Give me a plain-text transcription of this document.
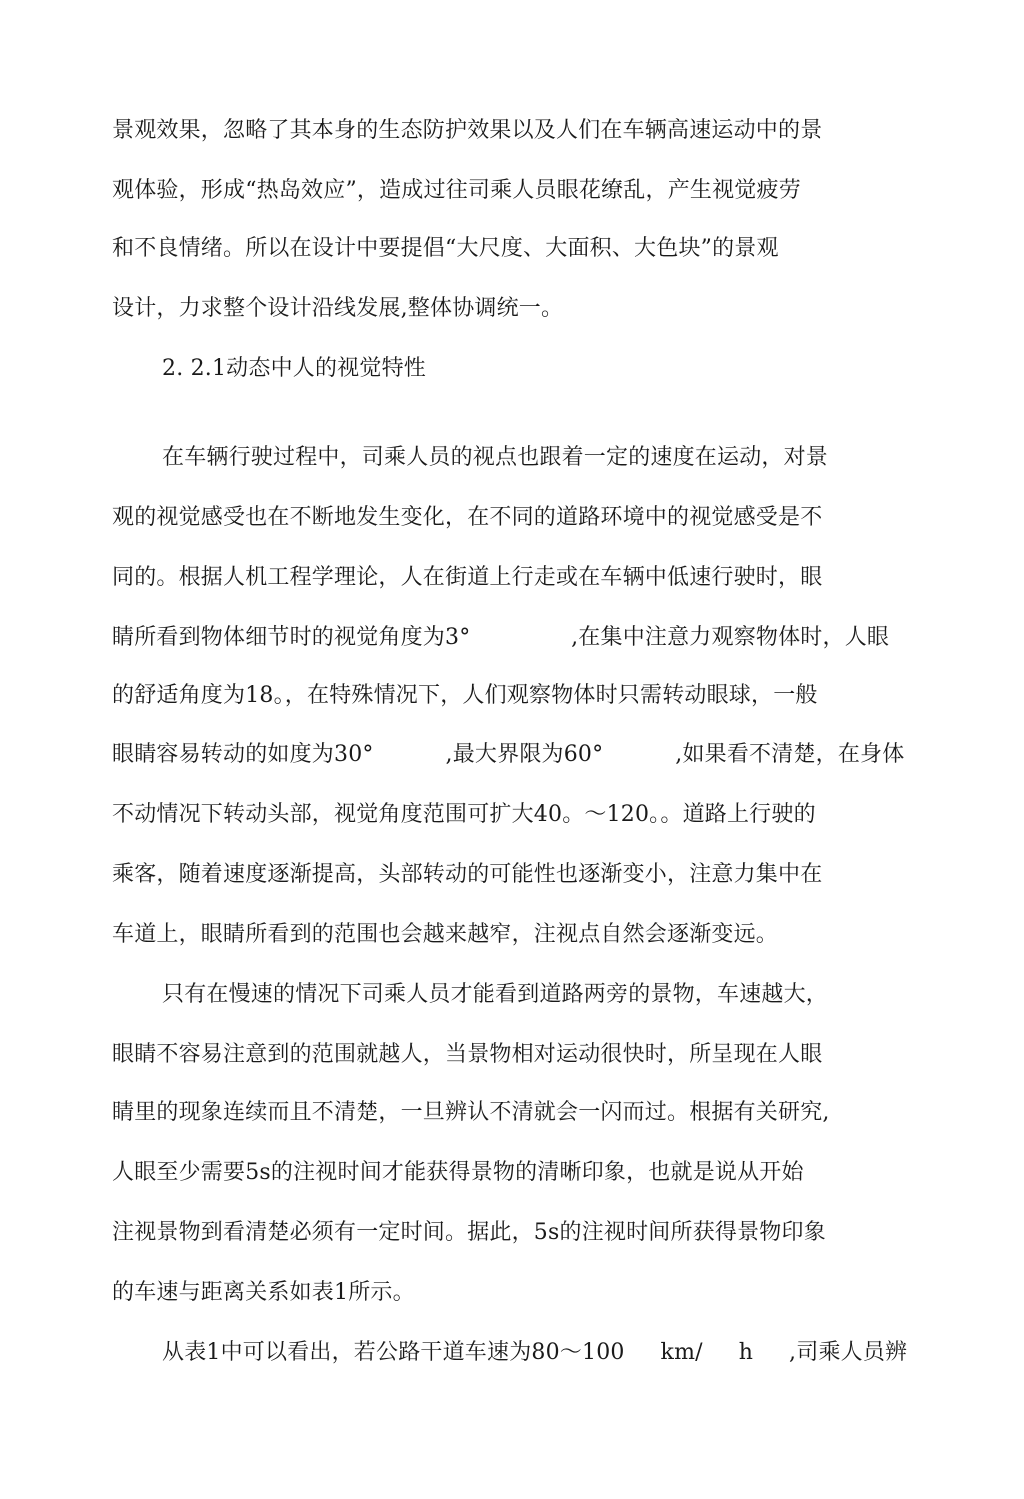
景观效果，忽略了其本身的生态防护效果以及人们在车辆高速运动中的景
观体验，形成“热岛效应”，造成过往司乘人员眼花缭乱，产生视觉疲劳
和不良情绪。所以在设计中要提倡“大尺度、大面积、大色块”的景观
设计，力求整个设计沿线发展,整体协调统一。
2. 2.1动态中人的视觉特性
在车辆行驶过程中，司乘人员的视点也跟着一定的速度在运动，对景
观的视觉感受也在不断地发生变化，在不同的道路环境中的视觉感受是不
同的。根据人机工程学理论，人在街道上行走或在车辆中低速行驶时，眼
睛所看到物体细节时的视觉角度为3°              ,在集中注意力观察物体时，人眼
的舒适角度为18。，在特殊情况下，人们观察物体时只需转动眼球，一般
眼睛容易转动的如度为30°          ,最大界限为60°          ,如果看不清楚，在身体
不动情况下转动头部，视觉角度范围可扩大40。～120。。道路上行驶的
乘客，随着速度逐渐提高，头部转动的可能性也逐渐变小，注意力集中在
车道上，眼睛所看到的范围也会越来越窄，注视点自然会逐渐变远。
只有在慢速的情况下司乘人员才能看到道路两旁的景物，车速越大，
眼睛不容易注意到的范围就越人，当景物相对运动很快时，所呈现在人眼
睛里的现象连续而且不清楚，一旦辨认不清就会一闪而过。根据有关研究,
人眼至少需要5s的注视时间才能获得景物的清晰印象，也就是说从开始
注视景物到看清楚必须有一定时间。据此，5s的注视时间所获得景物印象
的车速与距离关系如表1所示。
从表1中可以看出，若公路干道车速为80～100     km/     h     ,司乘人员辨
